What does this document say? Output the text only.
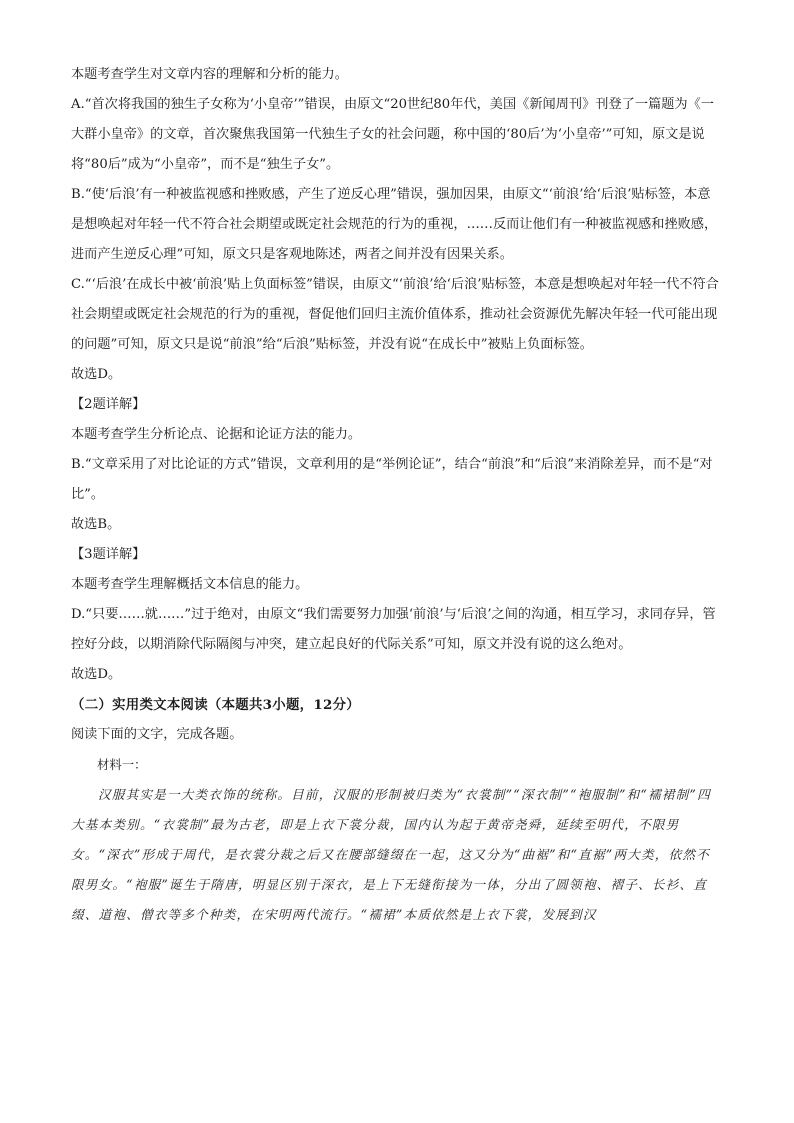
本题考查学生对文章内容的理解和分析的能力。

A.“首次将我国的独生子女称为‘小皇帝’”错误，由原文“20世纪80年代，美国《新闻周刊》刊登了一篇题为《一大群小皇帝》的文章，首次聚焦我国第一代独生子女的社会问题，称中国的‘80后’为‘小皇帝’”可知，原文是说将“80后”成为“小皇帝”，而不是“独生子女”。

B.“使‘后浪’有一种被监视感和挫败感，产生了逆反心理”错误，强加因果，由原文“‘前浪’给‘后浪’贴标签，本意是想唤起对年轻一代不符合社会期望或既定社会规范的行为的重视，……反而让他们有一种被监视感和挫败感，进而产生逆反心理”可知，原文只是客观地陈述，两者之间并没有因果关系。

C.“‘后浪’在成长中被‘前浪’贴上负面标签”错误，由原文“‘前浪’给‘后浪’贴标签，本意是想唤起对年轻一代不符合社会期望或既定社会规范的行为的重视，督促他们回归主流价值体系，推动社会资源优先解决年轻一代可能出现的问题”可知，原文只是说“前浪”给“后浪”贴标签，并没有说“在成长中”被贴上负面标签。

故选D。

【2题详解】

本题考查学生分析论点、论据和论证方法的能力。

B.“文章采用了对比论证的方式”错误，文章利用的是“举例论证”，结合“前浪”和“后浪”来消除差异，而不是“对比”。

故选B。

【3题详解】

本题考查学生理解概括文本信息的能力。

D.“只要……就……”过于绝对，由原文“我们需要努力加强‘前浪’与‘后浪’之间的沟通，相互学习，求同存异，管控好分歧，以期消除代际隔阂与冲突，建立起良好的代际关系”可知，原文并没有说的这么绝对。

故选D。

（二）实用类文本阅读（本题共3小题，12分）

阅读下面的文字，完成各题。

材料一：

汉服其实是一大类衣饰的统称。目前，汉服的形制被归类为“衣裳制”“深衣制”“袍服制”和“襦裙制”四大基本类别。“衣裳制”最为古老，即是上衣下裳分裁，国内认为起于黄帝尧舜，延续至明代，不限男女。“深衣”形成于周代，是衣裳分裁之后又在腰部缝缀在一起，这又分为“曲裾”和“直裾”两大类，依然不限男女。“袍服”诞生于隋唐，明显区别于深衣，是上下无缝衔接为一体，分出了圆领袍、褶子、长衫、直缀、道袍、僧衣等多个种类，在宋明两代流行。“襦裙”本质依然是上衣下裳，发展到汉
